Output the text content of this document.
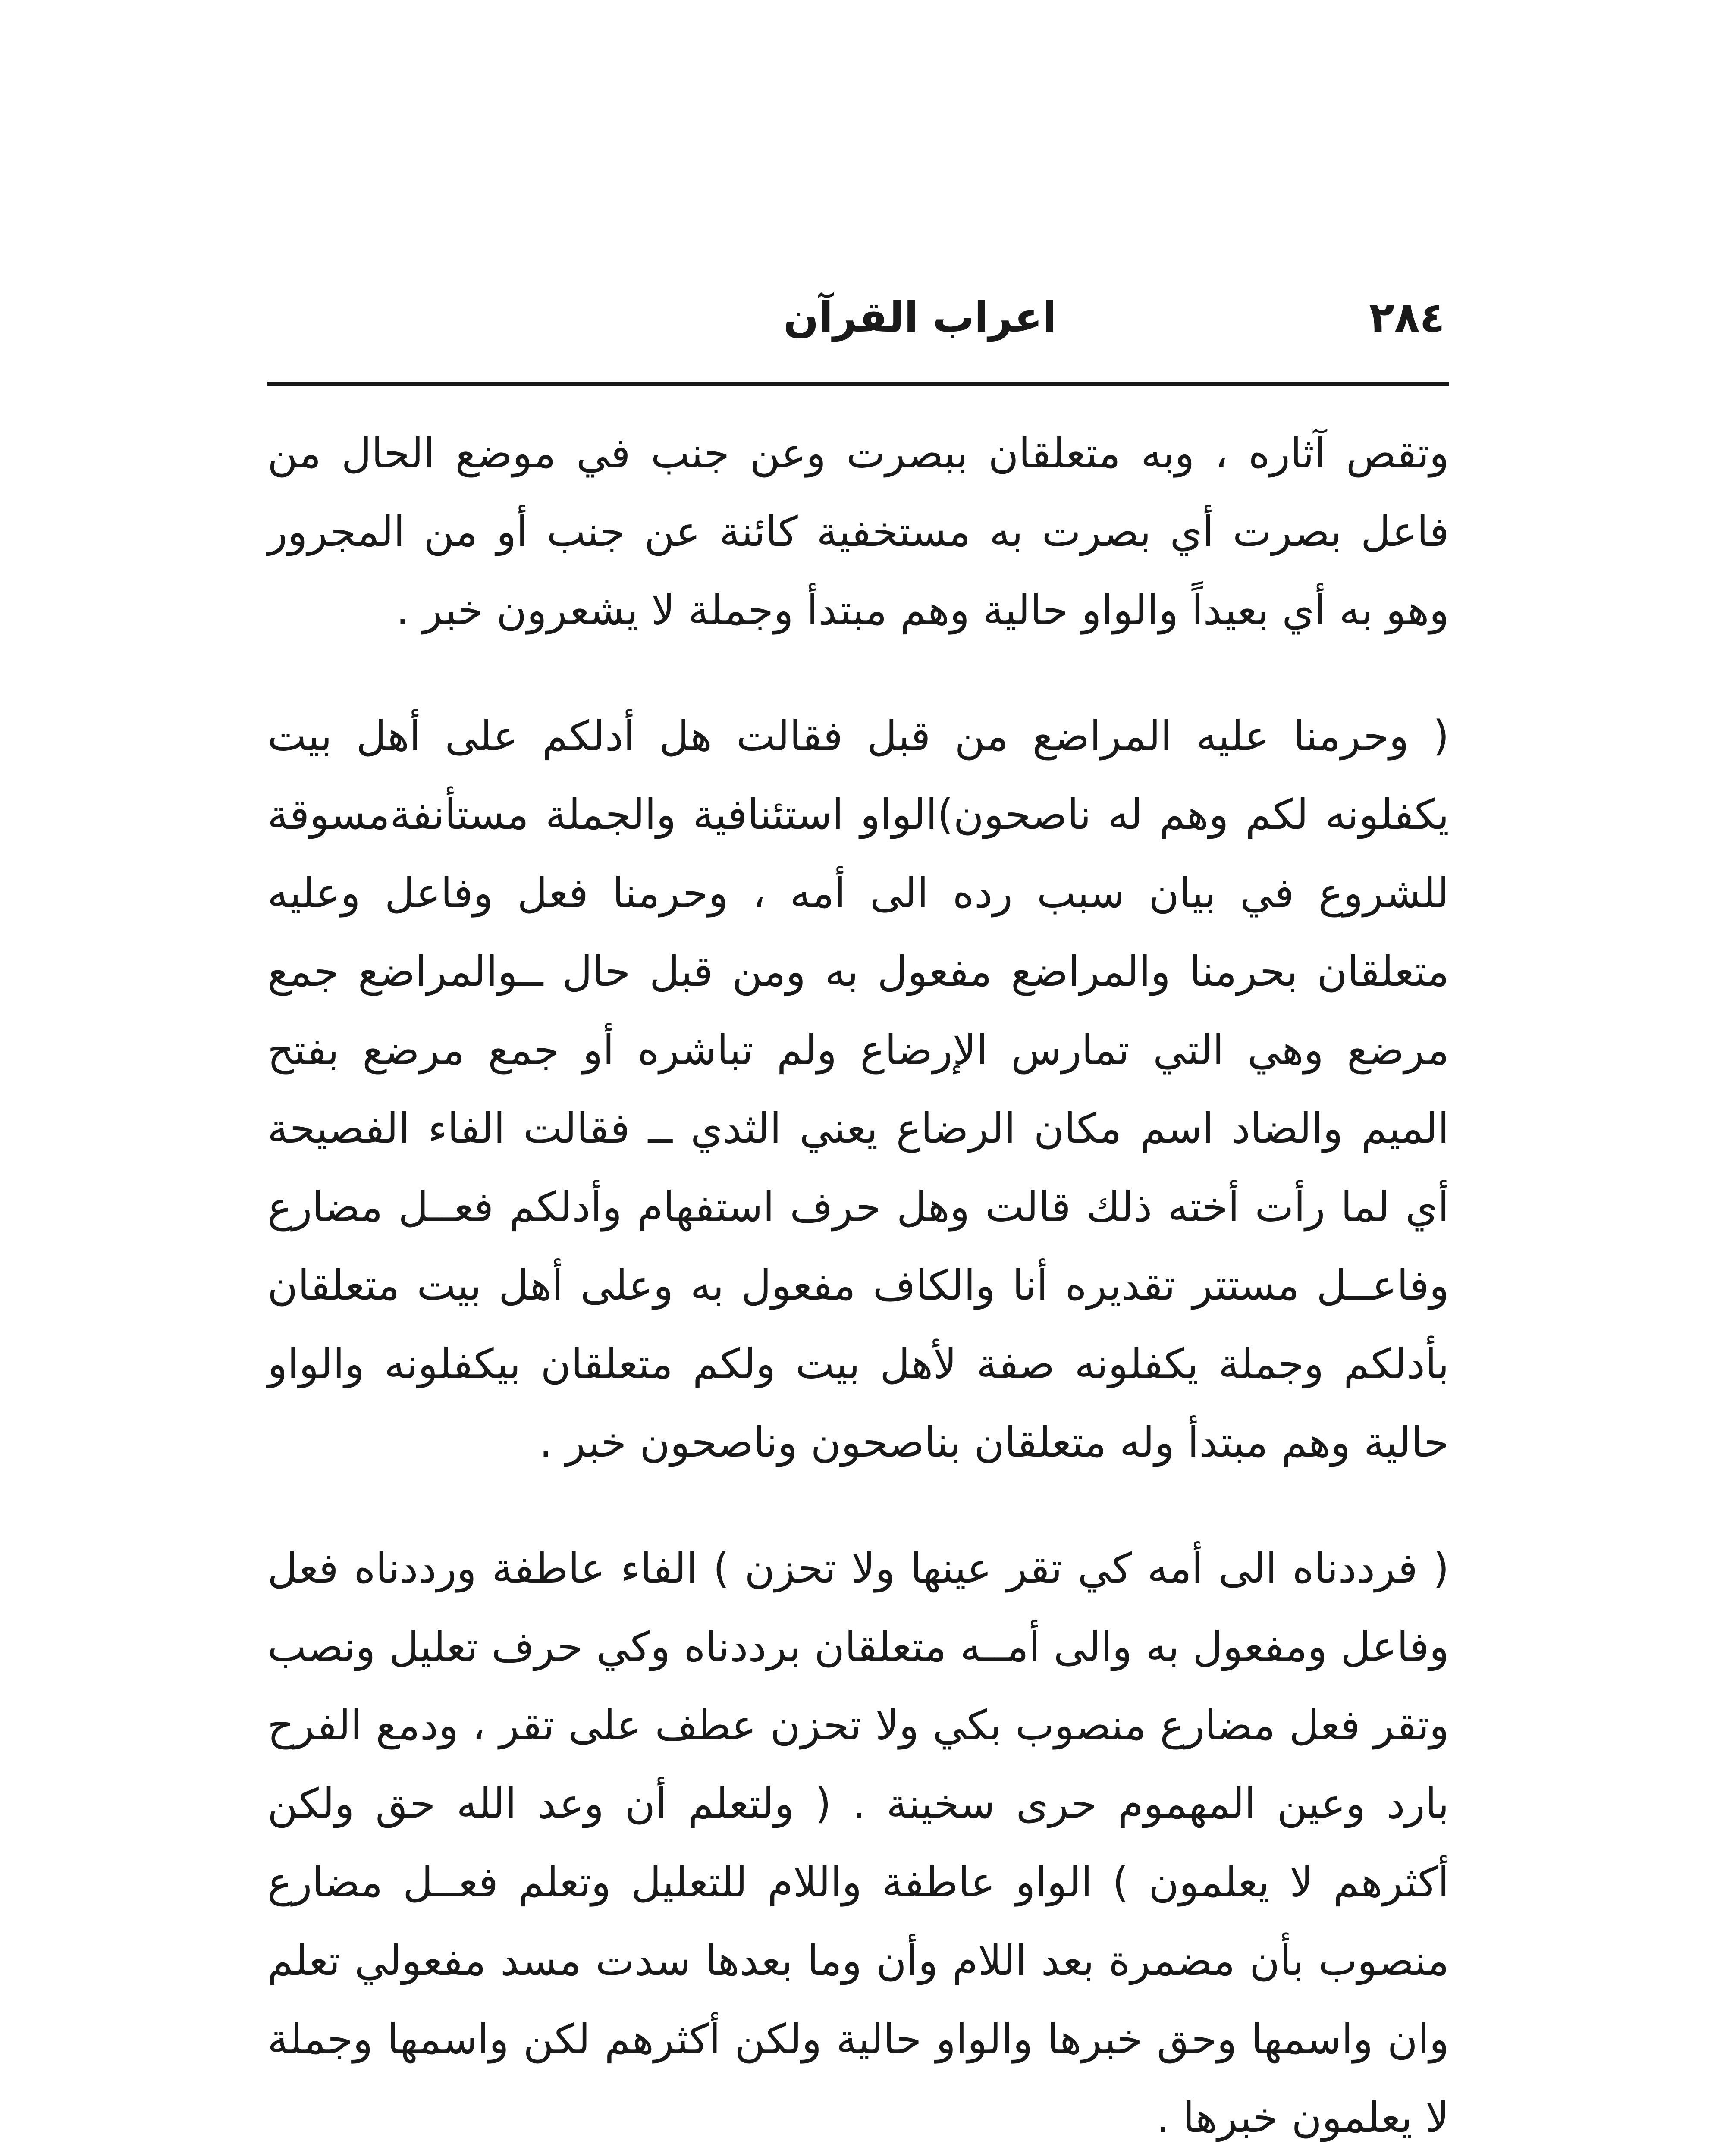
٢٨٤
اعراب القرآن

وتقص آثاره ، وبه متعلقان ببصرت وعن جنب في موضع الحال من فاعل بصرت أي بصرت به مستخفية كائنة عن جنب أو من المجرور وهو به أي بعيداً والواو حالية وهم مبتدأ وجملة لا يشعرون خبر .

( وحرمنا عليه المراضع من قبل فقالت هل أدلكم على أهل بيت يكفلونه لكم وهم له ناصحون)الواو استئنافية والجملة مستأنفةمسوقة للشروع في بيان سبب رده الى أمه ، وحرمنا فعل وفاعل وعليه متعلقان بحرمنا والمراضع مفعول به ومن قبل حال ــوالمراضع جمع مرضع وهي التي تمارس الإرضاع ولم تباشره أو جمع مرضع بفتح الميم والضاد اسم مكان الرضاع يعني الثدي ــ فقالت الفاء الفصيحة أي لما رأت أخته ذلك قالت وهل حرف استفهام وأدلكم فعــل مضارع وفاعــل مستتر تقديره أنا والكاف مفعول به وعلى أهل بيت متعلقان بأدلكم وجملة يكفلونه صفة لأهل بيت ولكم متعلقان بيكفلونه والواو حالية وهم مبتدأ وله متعلقان بناصحون وناصحون خبر .

( فرددناه الى أمه كي تقر عينها ولا تحزن ) الفاء عاطفة ورددناه فعل وفاعل ومفعول به والى أمــه متعلقان برددناه وكي حرف تعليل ونصب وتقر فعل مضارع منصوب بكي ولا تحزن عطف على تقر ، ودمع الفرح بارد وعين المهموم حرى سخينة . ( ولتعلم أن وعد الله حق ولكن أكثرهم لا يعلمون ) الواو عاطفة واللام للتعليل وتعلم فعــل مضارع منصوب بأن مضمرة بعد اللام وأن وما بعدها سدت مسد مفعولي تعلم وان واسمها وحق خبرها والواو حالية ولكن أكثرهم لكن واسمها وجملة لا يعلمون خبرها .
